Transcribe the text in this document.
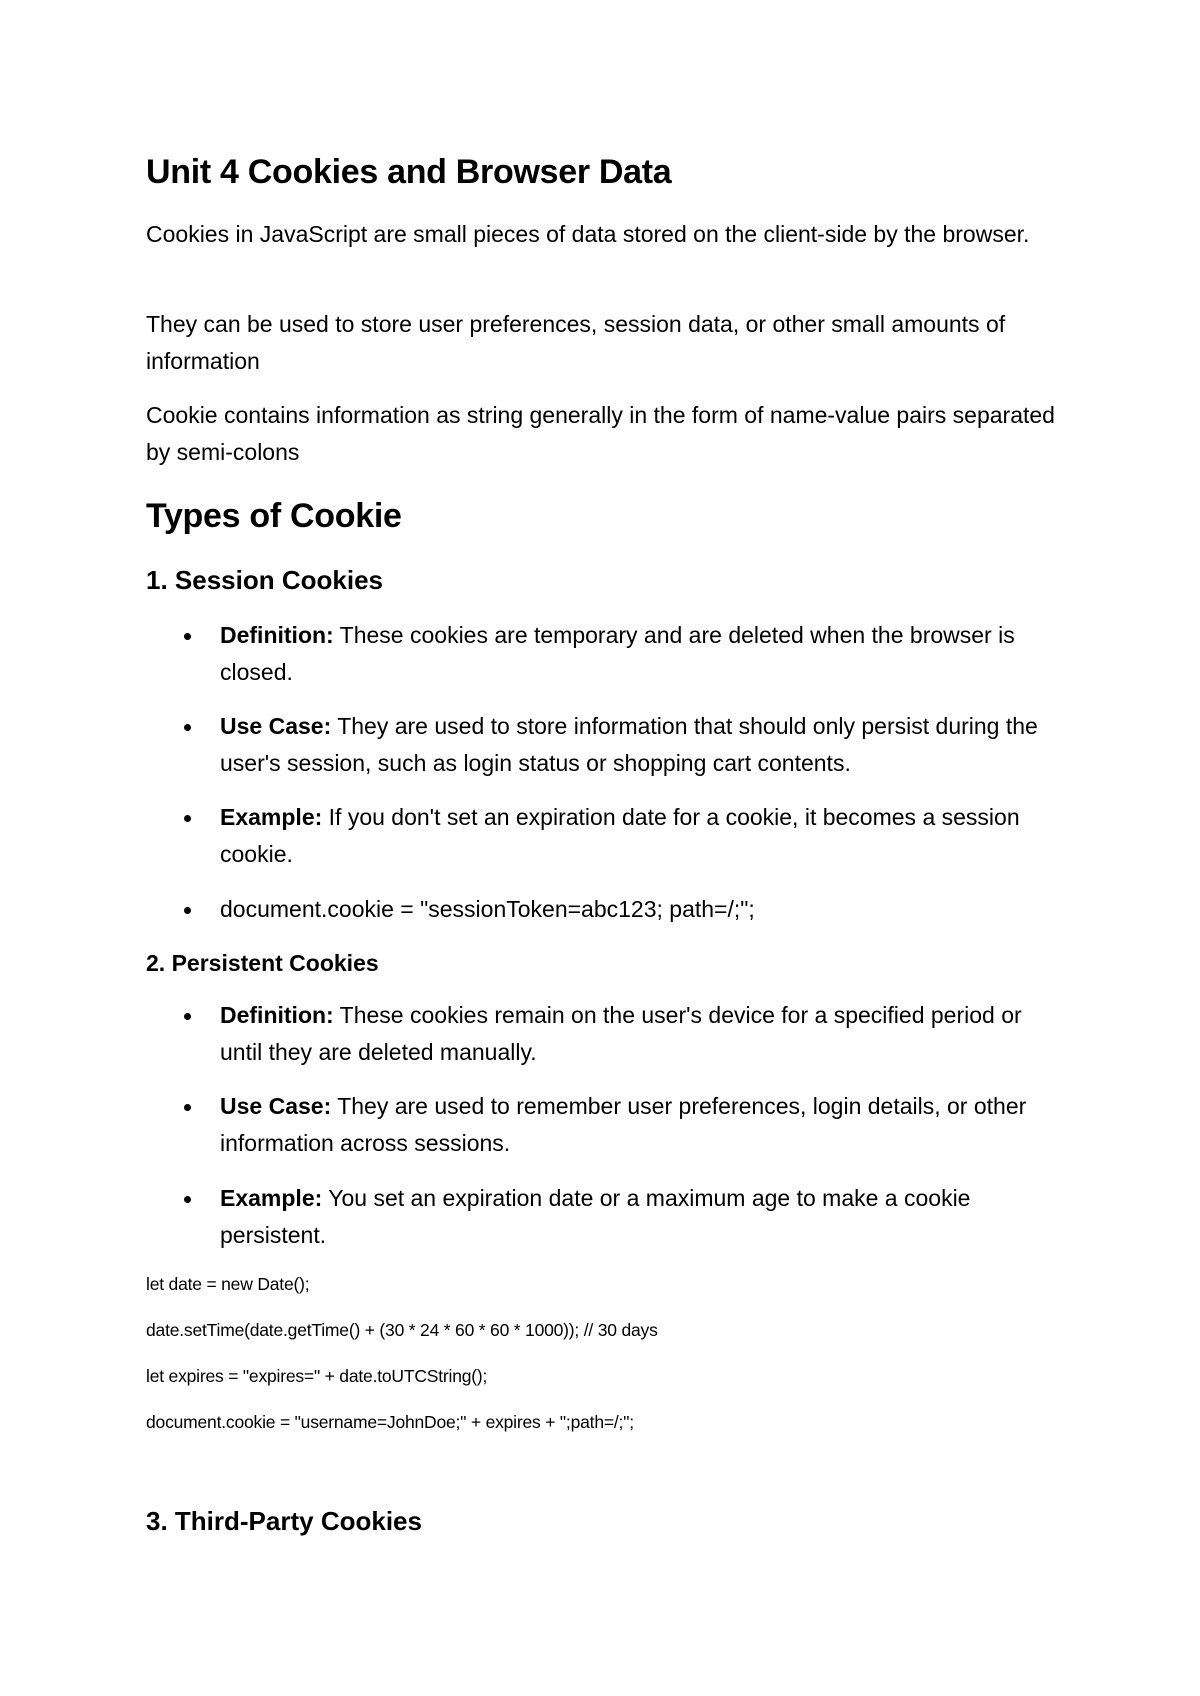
Unit 4 Cookies and Browser Data

Cookies in JavaScript are small pieces of data stored on the client-side by the browser.

They can be used to store user preferences, session data, or other small amounts of information

Cookie contains information as string generally in the form of name-value pairs separated by semi-colons

Types of Cookie
1. Session Cookies
Definition: These cookies are temporary and are deleted when the browser is closed.
Use Case: They are used to store information that should only persist during the user's session, such as login status or shopping cart contents.
Example: If you don't set an expiration date for a cookie, it becomes a session cookie.
document.cookie = "sessionToken=abc123; path=/;";
2. Persistent Cookies
Definition: These cookies remain on the user's device for a specified period or until they are deleted manually.
Use Case: They are used to remember user preferences, login details, or other information across sessions.
Example: You set an expiration date or a maximum age to make a cookie persistent.

let date = new Date();

date.setTime(date.getTime() + (30 * 24 * 60 * 60 * 1000)); // 30 days

let expires = "expires=" + date.toUTCString();

document.cookie = "username=JohnDoe;" + expires + ";path=/;";

3. Third-Party Cookies
